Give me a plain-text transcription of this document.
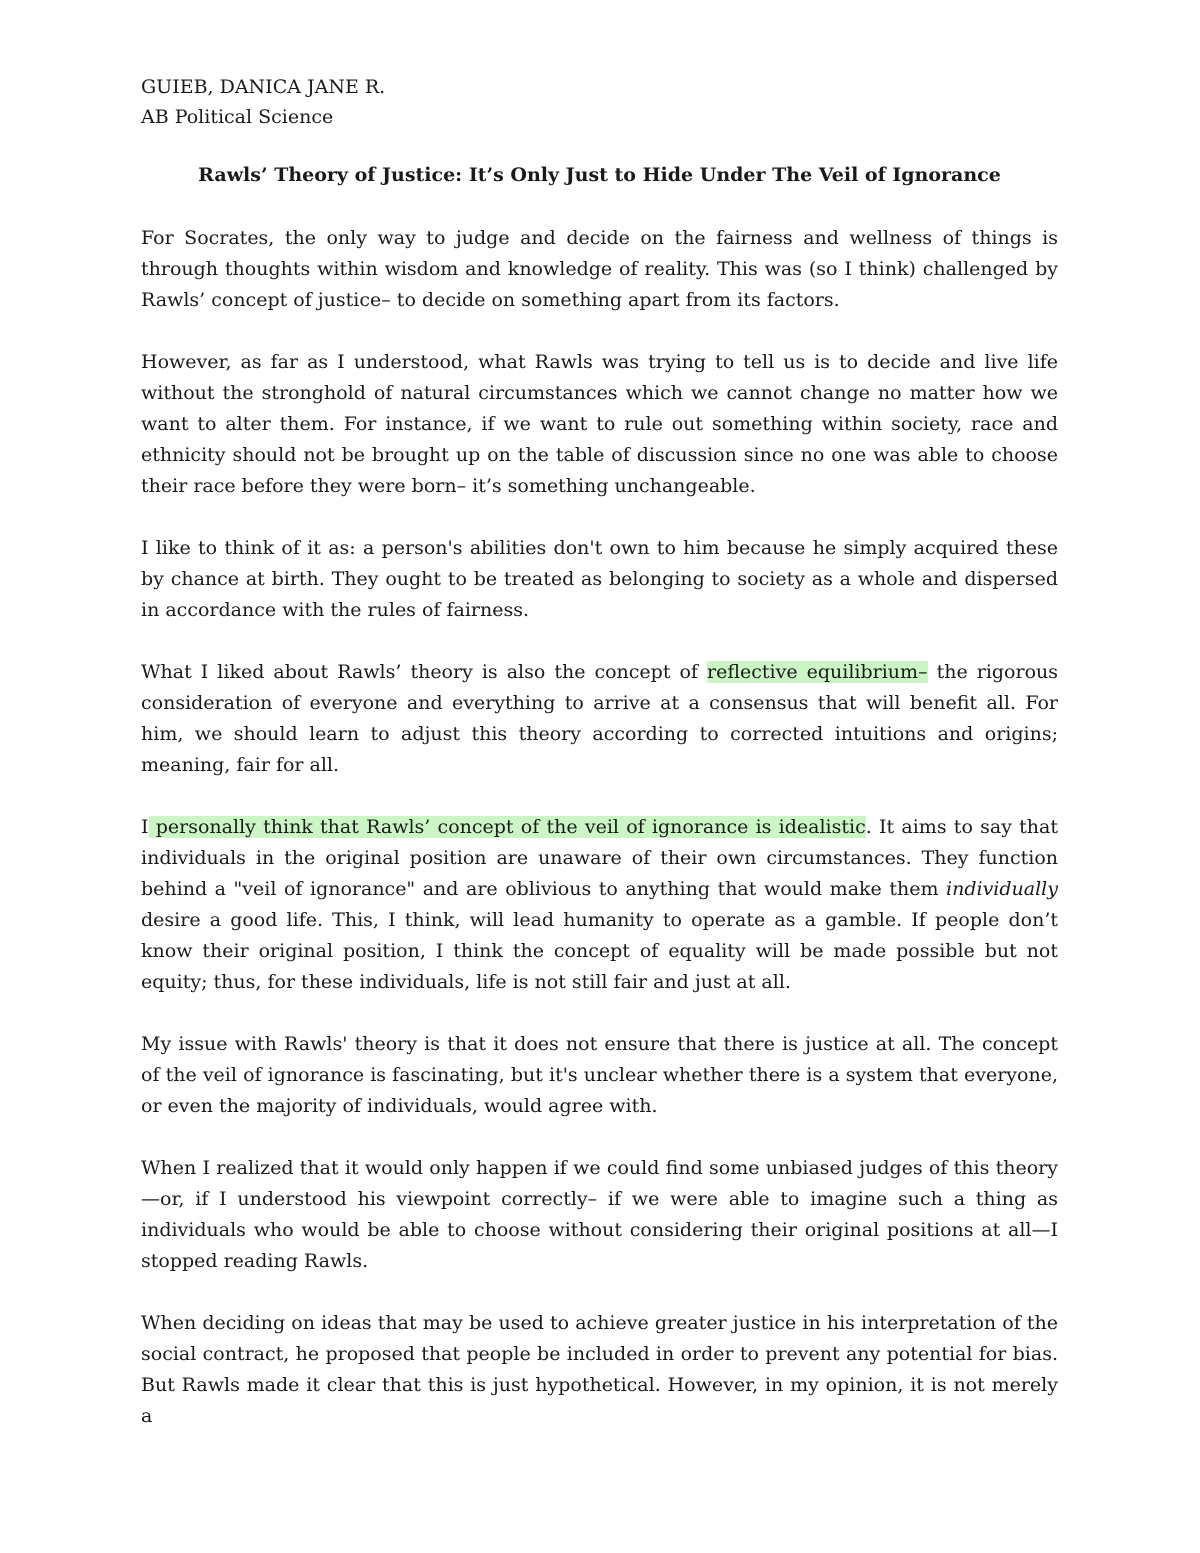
GUIEB, DANICA JANE R.

AB Political Science

Rawls’ Theory of Justice: It’s Only Just to Hide Under The Veil of Ignorance

For Socrates, the only way to judge and decide on the fairness and wellness of things is through thoughts within wisdom and knowledge of reality. This was (so I think) challenged by Rawls’ concept of justice– to decide on something apart from its factors.

However, as far as I understood, what Rawls was trying to tell us is to decide and live life without the stronghold of natural circumstances which we cannot change no matter how we want to alter them. For instance, if we want to rule out something within society, race and ethnicity should not be brought up on the table of discussion since no one was able to choose their race before they were born– it’s something unchangeable.

I like to think of it as: a person's abilities don't own to him because he simply acquired these by chance at birth. They ought to be treated as belonging to society as a whole and dispersed in accordance with the rules of fairness.

What I liked about Rawls’ theory is also the concept of reflective equilibrium– the rigorous consideration of everyone and everything to arrive at a consensus that will benefit all. For him, we should learn to adjust this theory according to corrected intuitions and origins; meaning, fair for all.

I personally think that Rawls’ concept of the veil of ignorance is idealistic. It aims to say that individuals in the original position are unaware of their own circumstances. They function behind a "veil of ignorance" and are oblivious to anything that would make them individually desire a good life. This, I think, will lead humanity to operate as a gamble. If people don’t know their original position, I think the concept of equality will be made possible but not equity; thus, for these individuals, life is not still fair and just at all.

My issue with Rawls' theory is that it does not ensure that there is justice at all. The concept of the veil of ignorance is fascinating, but it's unclear whether there is a system that everyone, or even the majority of individuals, would agree with.

When I realized that it would only happen if we could find some unbiased judges of this theory —or, if I understood his viewpoint correctly– if we were able to imagine such a thing as individuals who would be able to choose without considering their original positions at all—I stopped reading Rawls.

When deciding on ideas that may be used to achieve greater justice in his interpretation of the social contract, he proposed that people be included in order to prevent any potential for bias. But Rawls made it clear that this is just hypothetical. However, in my opinion, it is not merely a
